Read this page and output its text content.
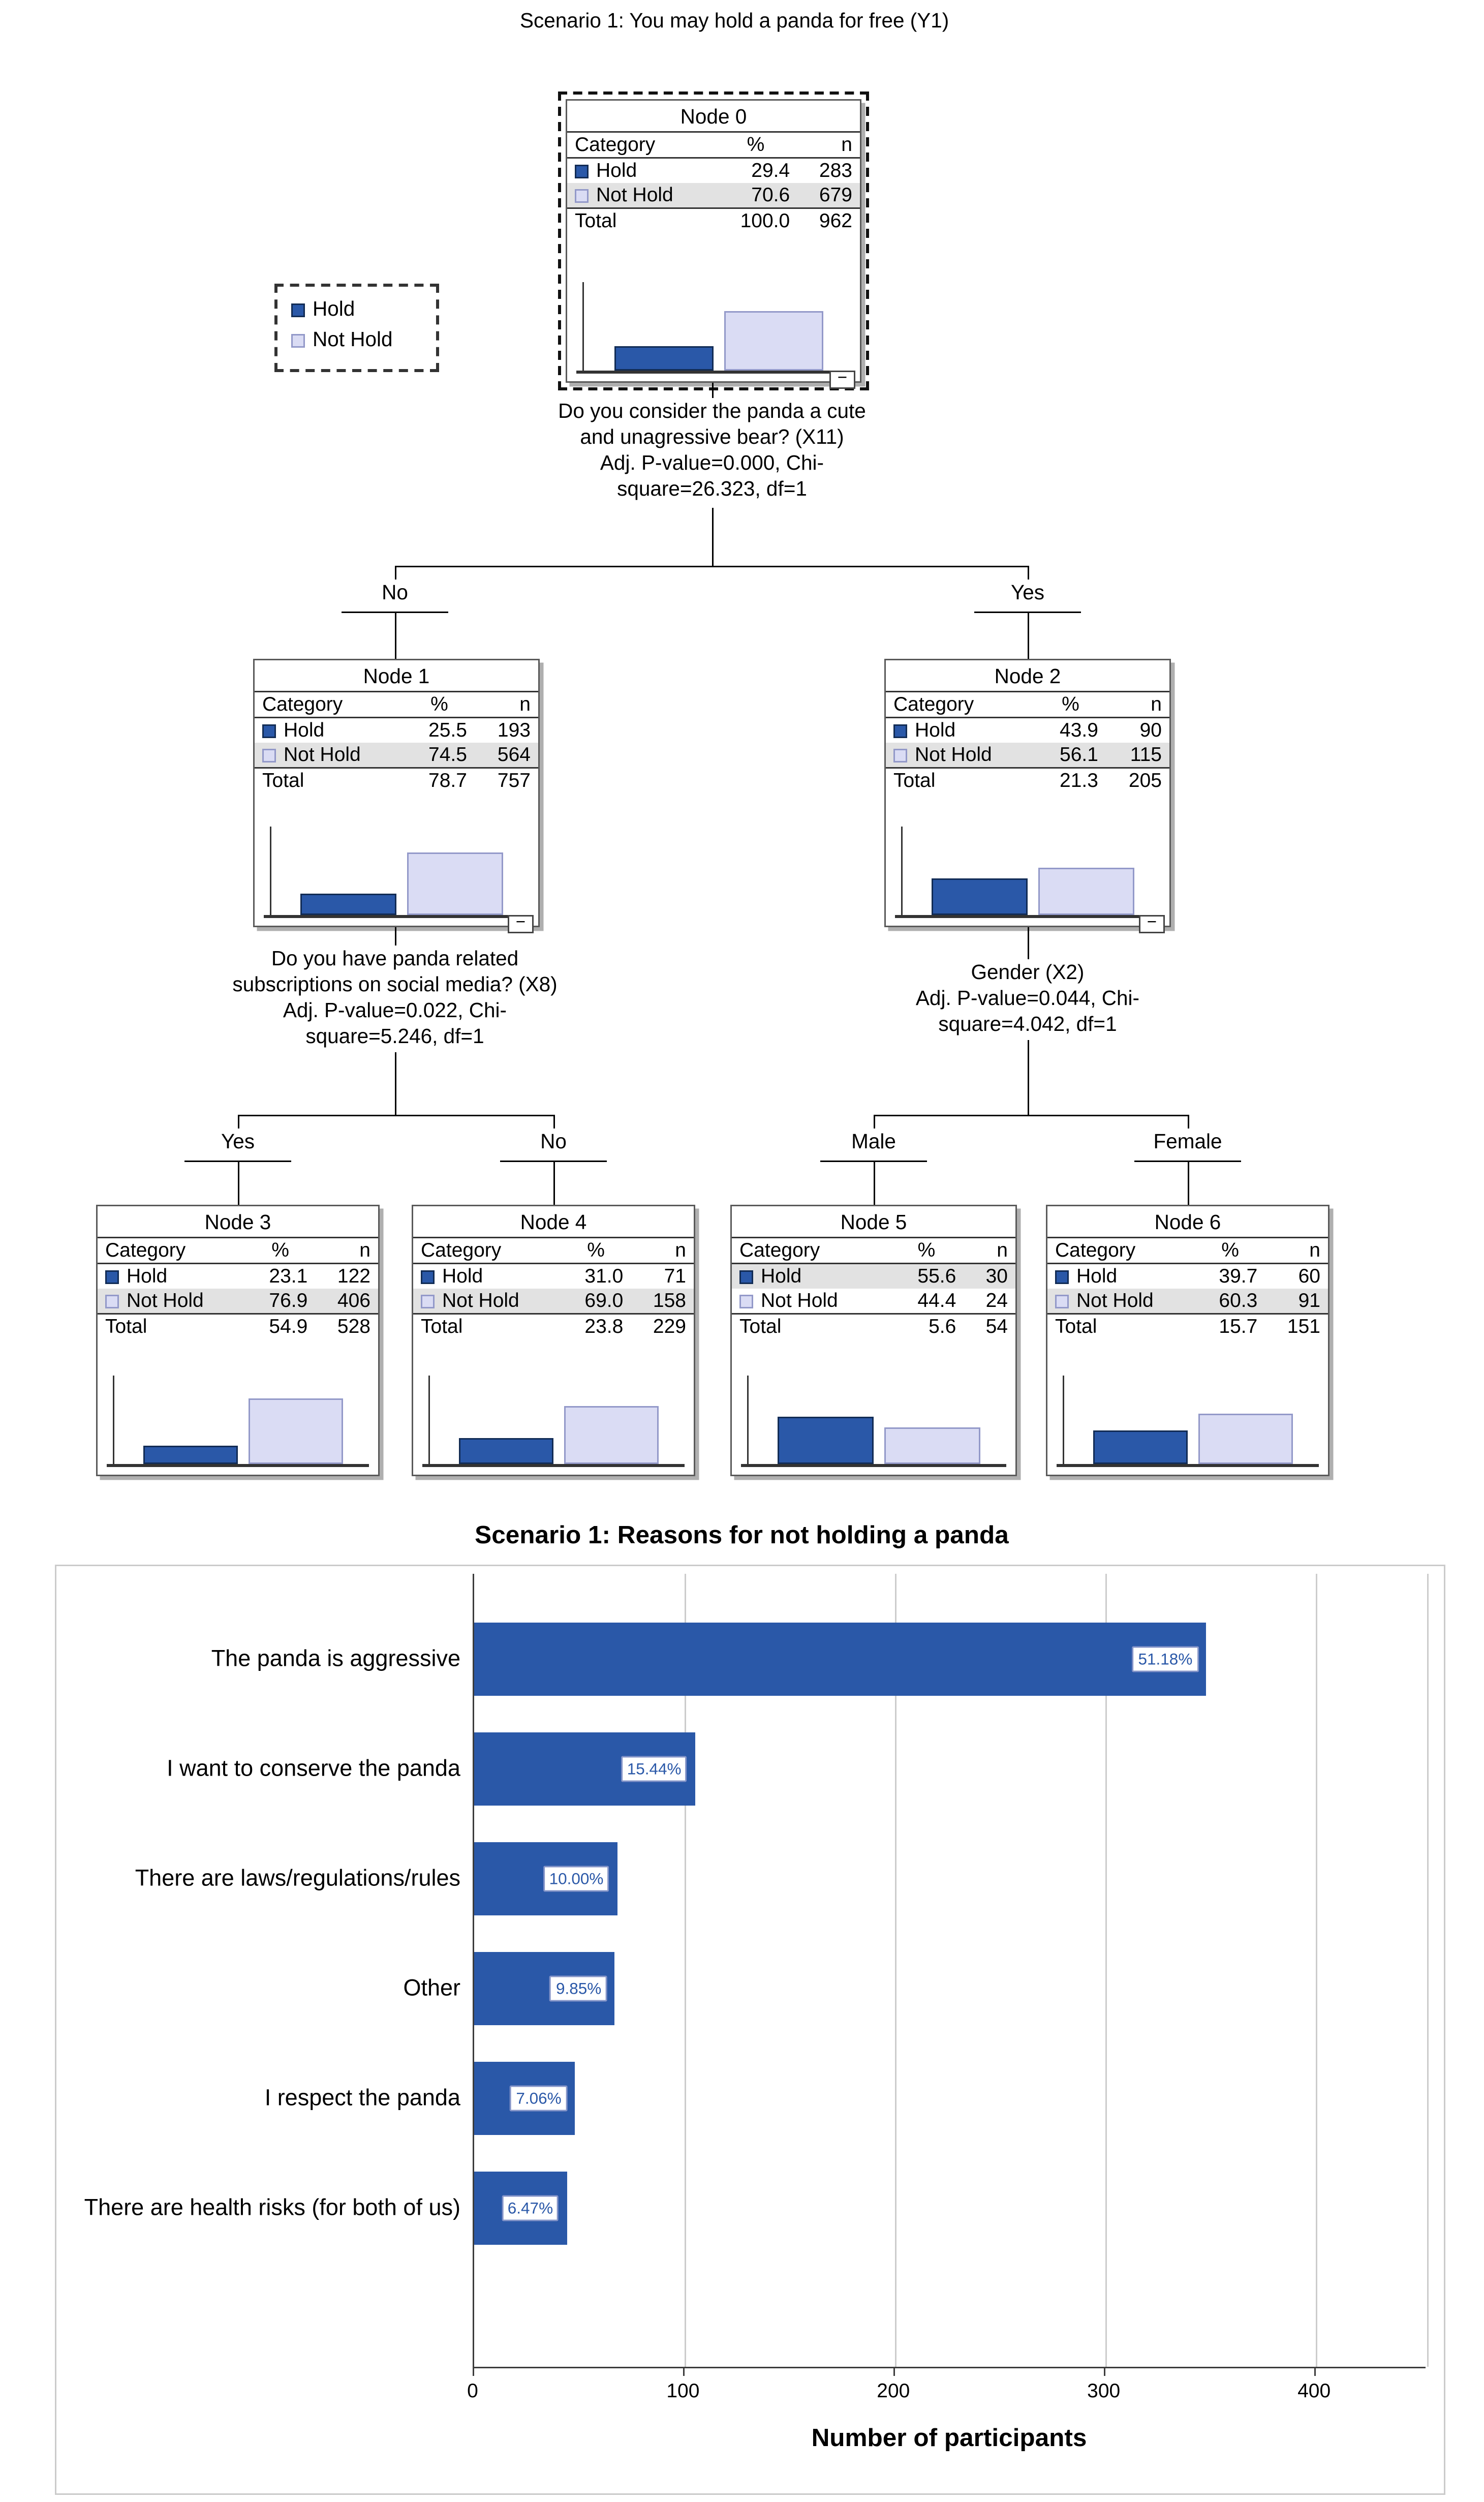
Scenario 1: You may hold a panda for free (Y1)
Hold
Not Hold
Node 0
Category	%	n
Hold	29.4	283
Not Hold	70.6	679
Total	100.0	962
−
Node 1
Category	%	n
Hold	25.5	193
Not Hold	74.5	564
Total	78.7	757
−
Node 2
Category	%	n
Hold	43.9	90
Not Hold	56.1	115
Total	21.3	205
−
Node 3
Category	%	n
Hold	23.1	122
Not Hold	76.9	406
Total	54.9	528
Node 4
Category	%	n
Hold	31.0	71
Not Hold	69.0	158
Total	23.8	229
Node 5
Category	%	n
Hold	55.6	30
Not Hold	44.4	24
Total	5.6	54
Node 6
Category	%	n
Hold	39.7	60
Not Hold	60.3	91
Total	15.7	151
Do you consider the panda a cute
and unagressive bear? (X11)
Adj. P-value=0.000, Chi-
square=26.323, df=1
Do you have panda related
subscriptions on social media? (X8)
Adj. P-value=0.022, Chi-
square=5.246, df=1
Gender (X2)
Adj. P-value=0.044, Chi-
square=4.042, df=1
No	Yes
Yes	No	Male	Female
Scenario 1: Reasons for not holding a panda
51.18%
15.44%
10.00%
9.85%
7.06%
6.47%
Number of participants
0	100	200	300	400
The panda is aggressive
I want to conserve the panda
There are laws/regulations/rules
Other
I respect the panda
There are health risks (for both of us)
